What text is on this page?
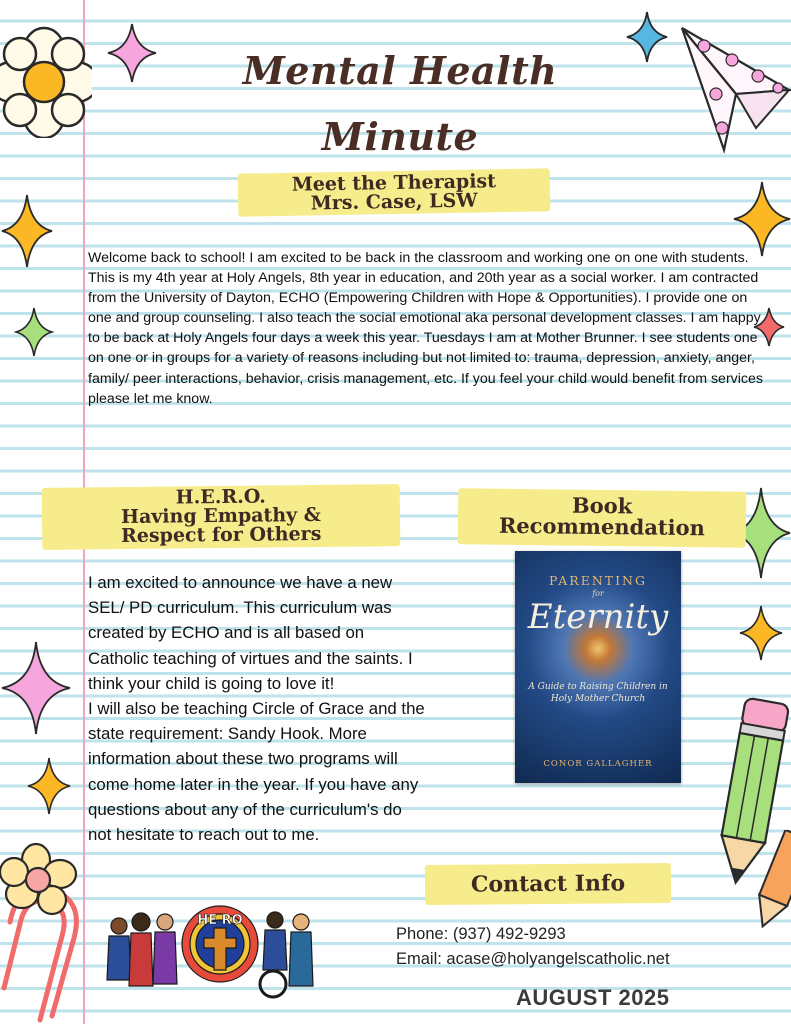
Mental Health
Minute
Meet the Therapist
Mrs. Case, LSW
Welcome back to school! I am excited to be back in the classroom and working one on one with students. This is my 4th year at Holy Angels, 8th year in education, and 20th year as a social worker. I am contracted from the University of Dayton, ECHO (Empowering Children with Hope & Opportunities). I provide one on one and group counseling. I also teach the social emotional aka personal development classes. I am happy to be back at Holy Angels four days a week this year. Tuesdays I am at Mother Brunner. I see students one on one or in groups for a variety of reasons including but not limited to: trauma, depression, anxiety, anger, family/ peer interactions, behavior, crisis management, etc. If you feel your child would benefit from services please let me know.
H.E.R.O.
Having Empathy &
Respect for Others

I am excited to announce we have a new SEL/ PD curriculum. This curriculum was created by ECHO and is all based on Catholic teaching of virtues and the saints. I think your child is going to love it!

I will also be teaching Circle of Grace and the state requirement: Sandy Hook. More information about these two programs will come home later in the year. If you have any questions about any of the curriculum's do not hesitate to reach out to me.

HE RO
Book
Recommendation
PARENTING
for
Eternity
A Guide to Raising Children in Holy Mother Church
CONOR GALLAGHER
Contact Info
Phone: (937) 492-9293
Email: acase@holyangelscatholic.net
AUGUST 2025
